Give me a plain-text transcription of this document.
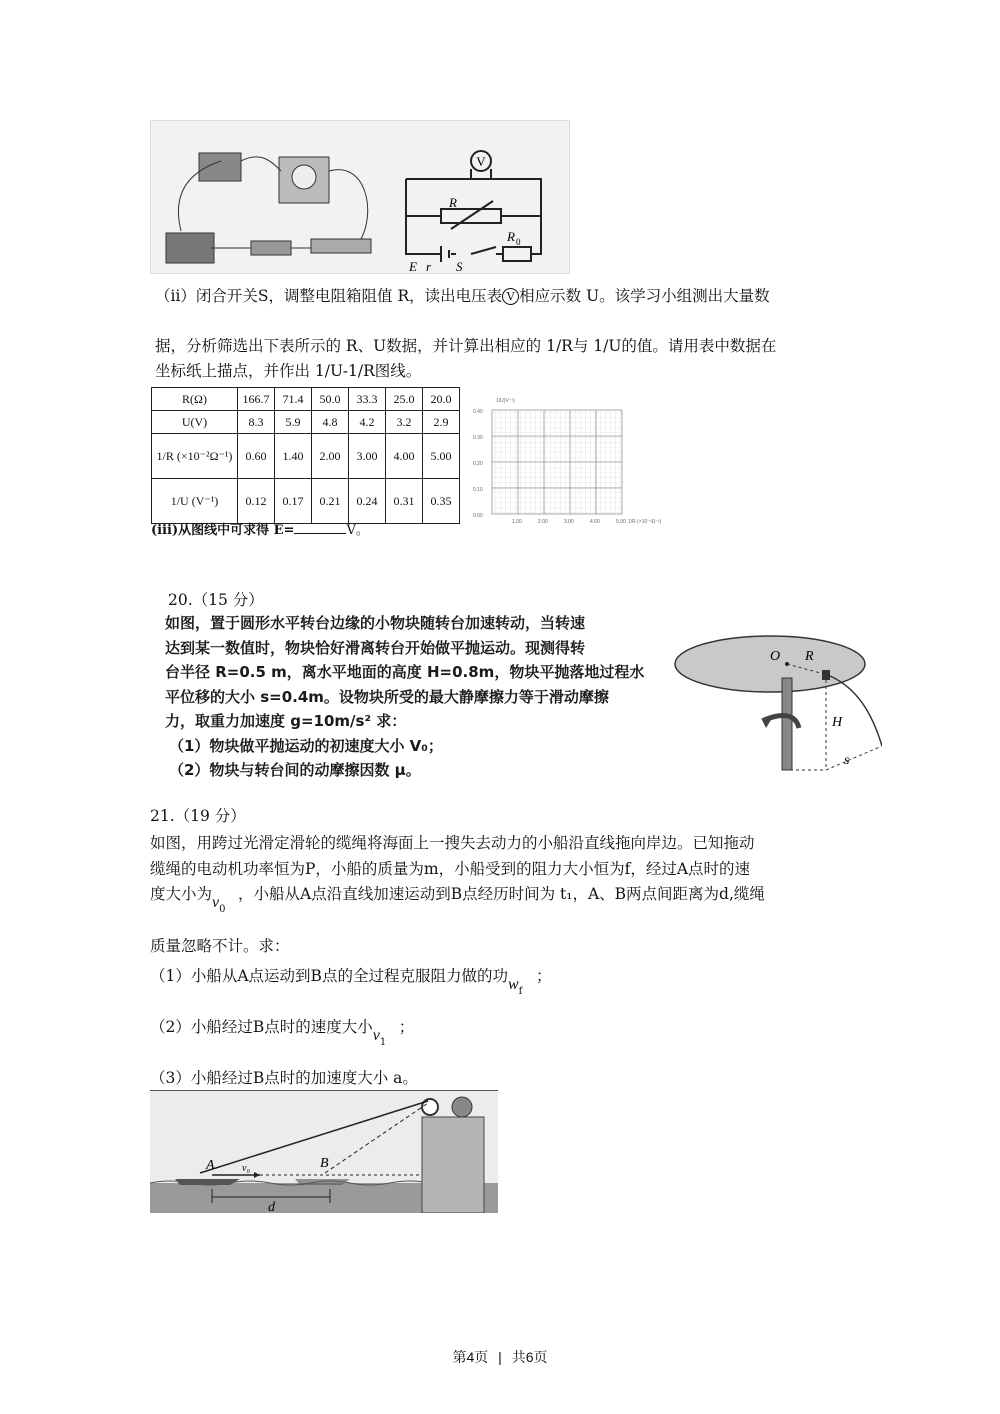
V
R
R 0
E r S
（ⅱ）闭合开关S，调整电阻箱阻值 R，读出电压表 V 相应示数 U。该学习小组测出大量数
据，分析筛选出下表所示的 R、U数据，并计算出相应的 1/R与 1/U的值。请用表中数据在
坐标纸上描点，并作出 1/U-1/R图线。
R(Ω)	166.7	71.4	50.0	33.3	25.0	20.0
U(V)	8.3	5.9	4.8	4.2	3.2	2.9
1/R (×10⁻²Ω⁻¹)	0.60	1.40	2.00	3.00	4.00	5.00
1/U (V⁻¹)	0.12	0.17	0.21	0.24	0.31	0.35
(ⅲ)从图线中可求得 E=	V。
1/U(V⁻¹)
0.40
0.30
0.20
0.10
0.00
1.00	2.00	3.00	4.00	5.00 1/R (×10⁻²Ω⁻¹)
20.（15 分）
如图，置于圆形水平转台边缘的小物块随转台加速转动，当转速
达到某一数值时，物块恰好滑离转台开始做平抛运动。现测得转
台半径 R=0.5 m，离水平地面的高度 H=0.8m，物块平抛落地过程水
平位移的大小 s=0.4m。设物块所受的最大静摩擦力等于滑动摩擦
力，取重力加速度 g=10m/s² 求：
（1）物块做平抛运动的初速度大小 V₀；
（2）物块与转台间的动摩擦因数 μ。
O R
H
s
21.（19 分）
如图，用跨过光滑定滑轮的缆绳将海面上一搜失去动力的小船沿直线拖向岸边。已知拖动
缆绳的电动机功率恒为P，小船的质量为m，小船受到的阻力大小恒为f，经过A点时的速
度大小为$v_0$，小船从A点沿直线加速运动到B点经历时间为 t₁，A、B两点间距离为d,缆绳
质量忽略不计。求：
（1）小船从A点运动到B点的全过程克服阻力做的功$w_f$；
（2）小船经过B点时的速度大小$v_1$；
（3）小船经过B点时的加速度大小 a。
A	B
v₀
d
第4页 | 共6页
